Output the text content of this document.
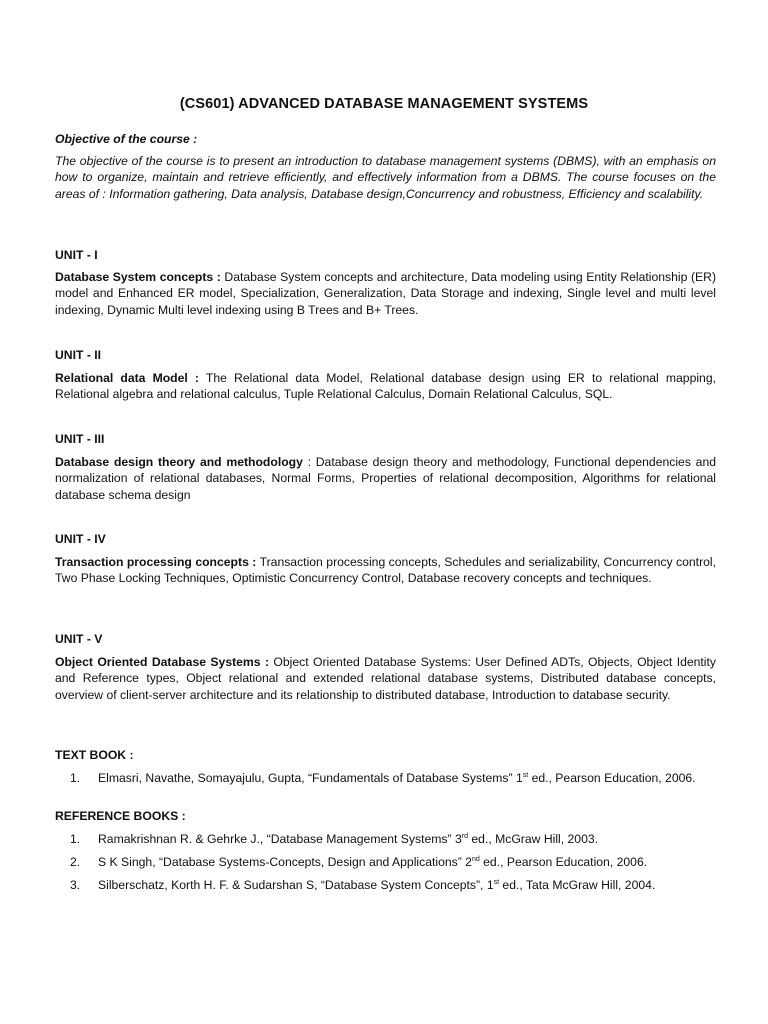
(CS601) ADVANCED DATABASE MANAGEMENT SYSTEMS
Objective of the course :
The objective of the course is to present an introduction to database management systems (DBMS), with an emphasis on how to organize, maintain and retrieve efficiently, and effectively information from a DBMS. The course focuses on the areas of : Information gathering, Data analysis, Database design,Concurrency and robustness, Efficiency and scalability.
UNIT - I
Database System concepts : Database System concepts and architecture, Data modeling using Entity Relationship (ER) model and Enhanced ER model, Specialization, Generalization, Data Storage and indexing, Single level and multi level indexing, Dynamic Multi level indexing using B Trees and B+ Trees.
UNIT - II
Relational data Model : The Relational data Model, Relational database design using ER to relational mapping, Relational algebra and relational calculus, Tuple Relational Calculus, Domain Relational Calculus, SQL.
UNIT - III
Database design theory and methodology : Database design theory and methodology, Functional dependencies and normalization of relational databases, Normal Forms, Properties of relational decomposition, Algorithms for relational database schema design
UNIT - IV
Transaction processing concepts : Transaction processing concepts, Schedules and serializability, Concurrency control, Two Phase Locking Techniques, Optimistic Concurrency Control, Database recovery concepts and techniques.
UNIT - V
Object Oriented Database Systems : Object Oriented Database Systems: User Defined ADTs, Objects, Object Identity and Reference types, Object relational and extended relational database systems, Distributed database concepts, overview of client-server architecture and its relationship to distributed database, Introduction to database security.
TEXT BOOK :
1. Elmasri, Navathe, Somayajulu, Gupta, “Fundamentals of Database Systems” 1st ed., Pearson Education, 2006.
REFERENCE BOOKS :
1. Ramakrishnan R. & Gehrke J., “Database Management Systems” 3rd ed., McGraw Hill, 2003.
2. S K Singh, “Database Systems-Concepts, Design and Applications” 2nd ed., Pearson Education, 2006.
3. Silberschatz, Korth H. F. & Sudarshan S, “Database System Concepts”, 1st ed., Tata McGraw Hill, 2004.
